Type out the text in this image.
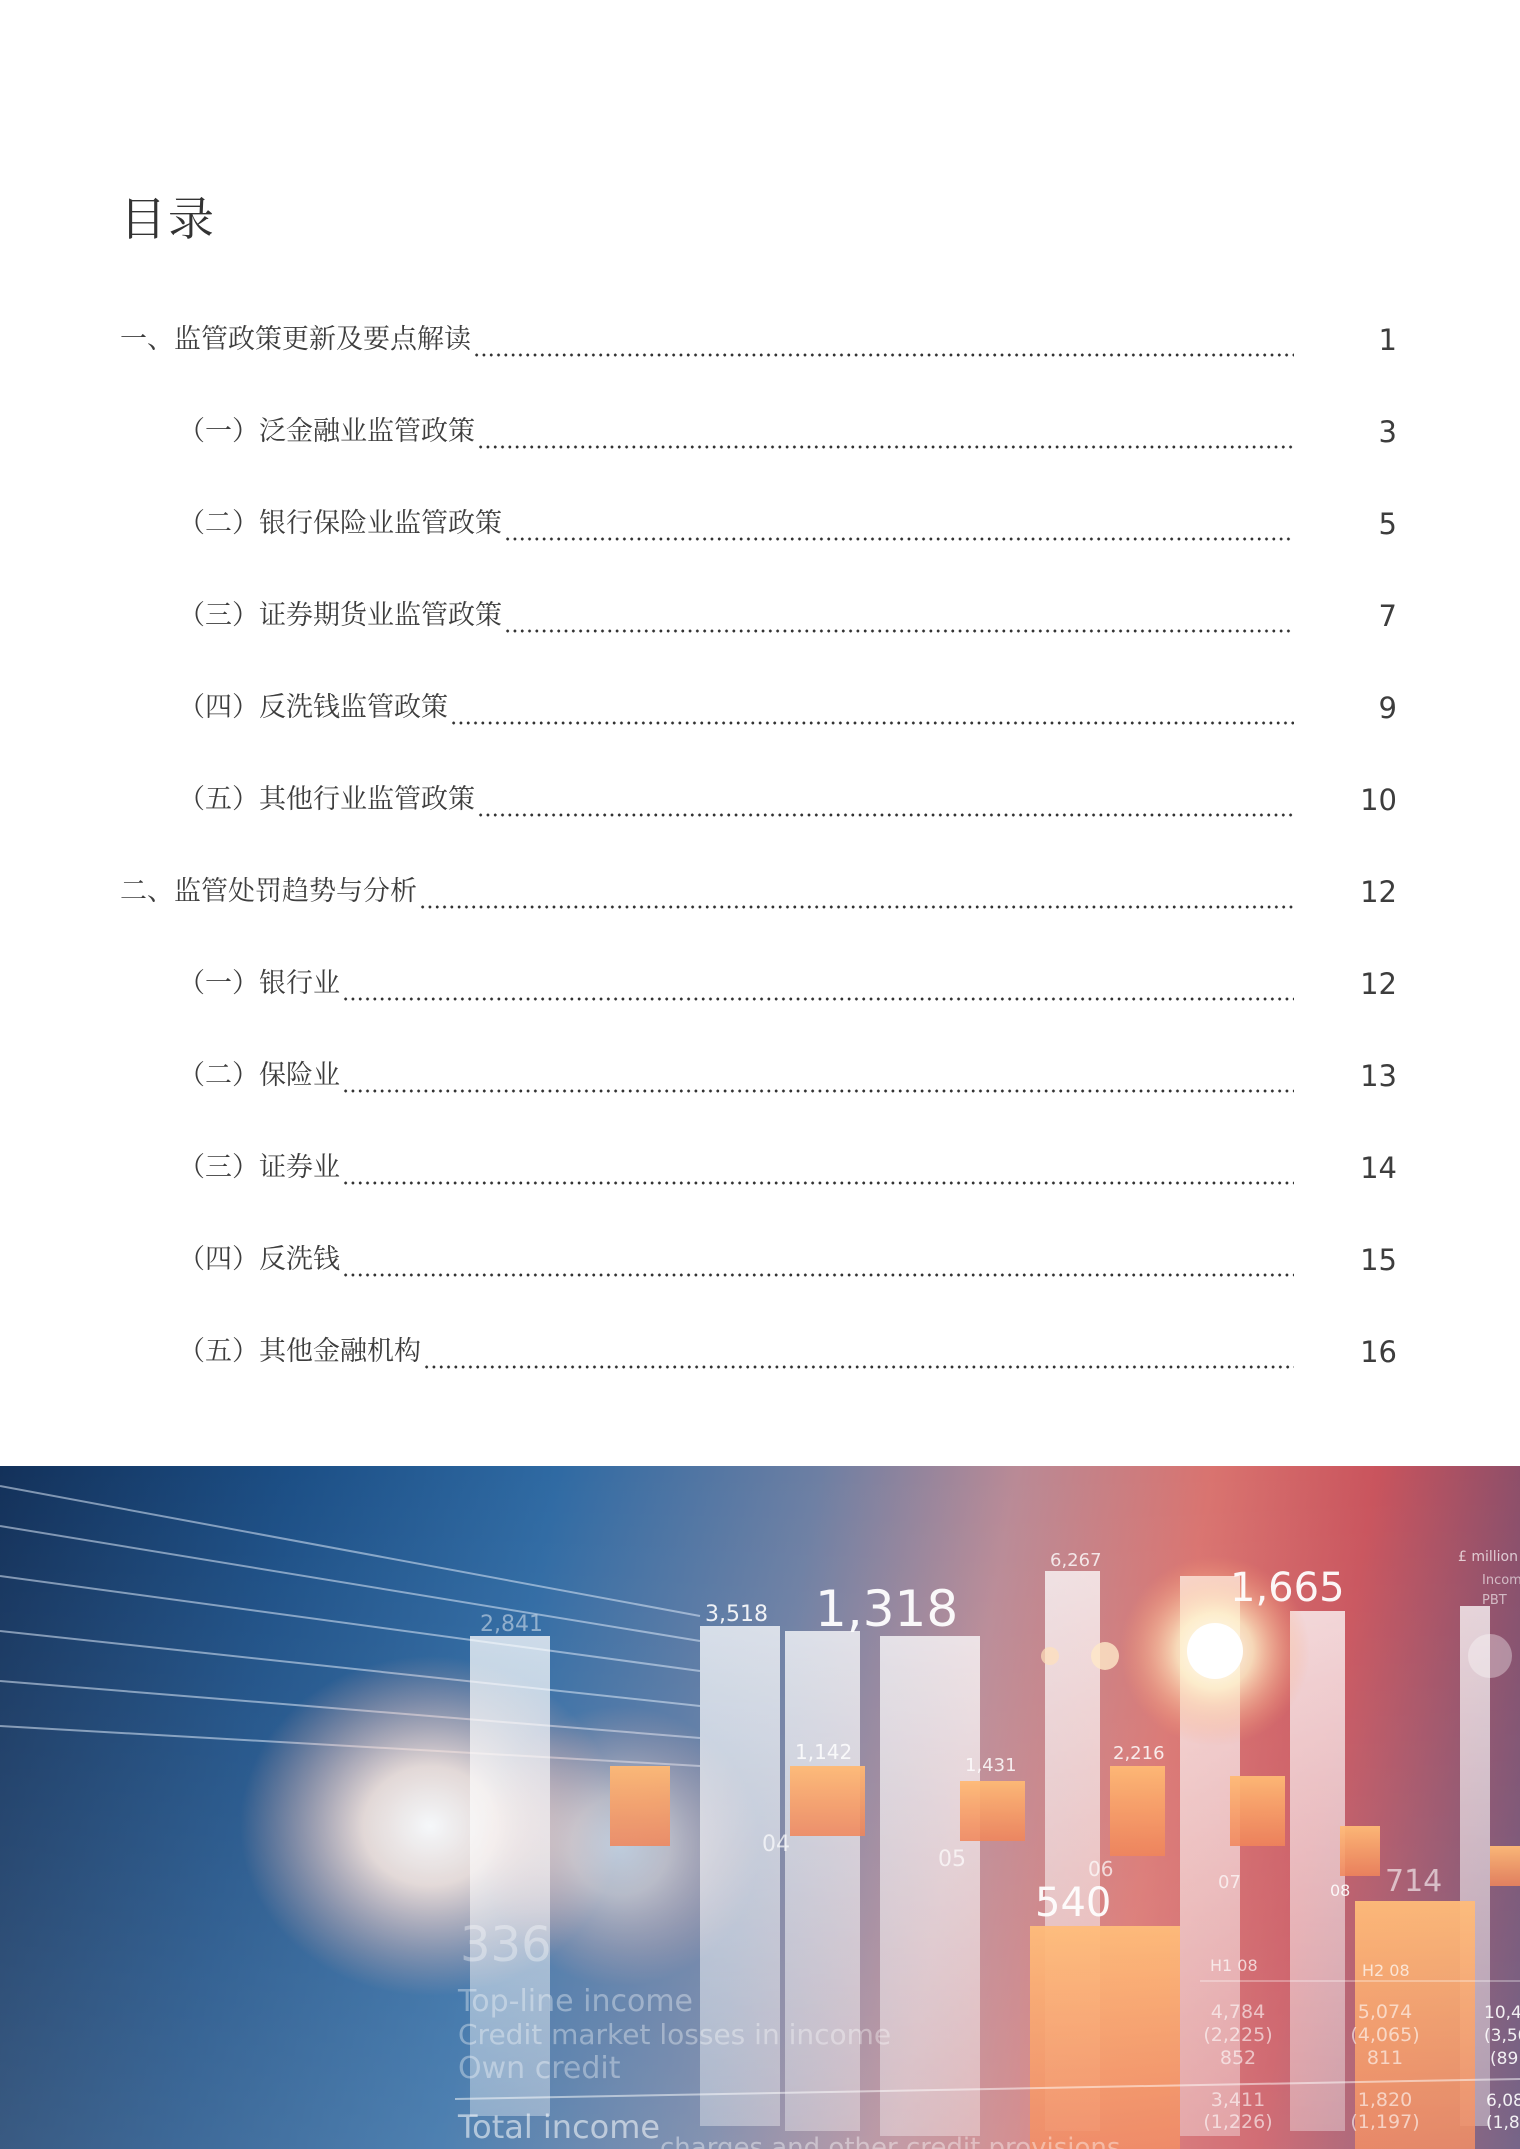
目录
一、监管政策更新及要点解读	1
（一）泛金融业监管政策	3
（二）银行保险业监管政策	5
（三）证券期货业监管政策	7
（四）反洗钱监管政策	9
（五）其他行业监管政策	10
二、监管处罚趋势与分析	12
（一）银行业	12
（二）保险业	13
（三）证券业	14
（四）反洗钱	15
（五）其他金融机构	16
